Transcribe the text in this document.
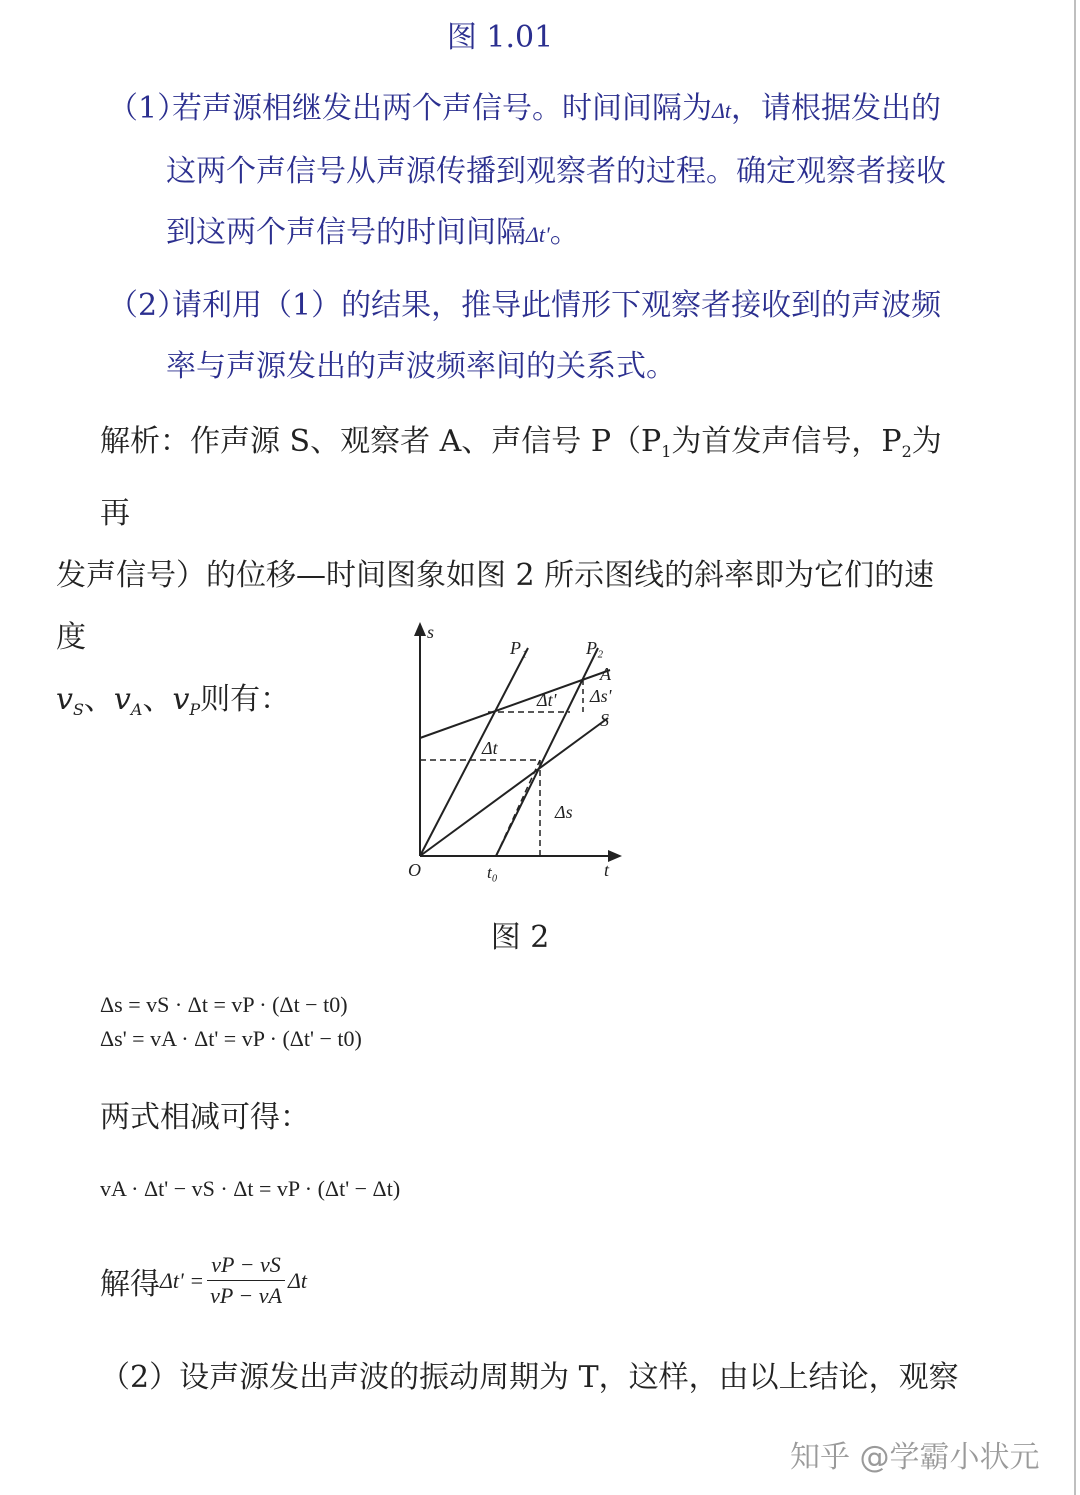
图 1.01
（1）若声源相继发出两个声信号。时间间隔为Δt，请根据发出的
这两个声信号从声源传播到观察者的过程。确定观察者接收
到这两个声信号的时间间隔Δt'。
（2）请利用（1）的结果，推导此情形下观察者接收到的声波频
率与声源发出的声波频率间的关系式。
解析：作声源 S、观察者 A、声信号 $P(P_1$为首发声信号，$P_2$为再
发声信号）的位移—时间图象如图 2 所示图线的斜率即为它们的速度
$v_S$、$v_A$、$v_P$则有：
s
t
O	t₀
P₁	P₂
A
S
Δt
Δt'
Δs
Δs'
图 2
Δs = vS · Δt = vP · (Δt − t0)
Δs' = vA · Δt' = vP · (Δt' − t0)
两式相减可得：
vA · Δt' − vS · Δt = vP · (Δt' − Δt)
解得 $\Delta t' = \frac{vP - vS}{vP - vA}$ Δt
（2）设声源发出声波的振动周期为 T，这样，由以上结论，观察
知乎 @学霸小状元
